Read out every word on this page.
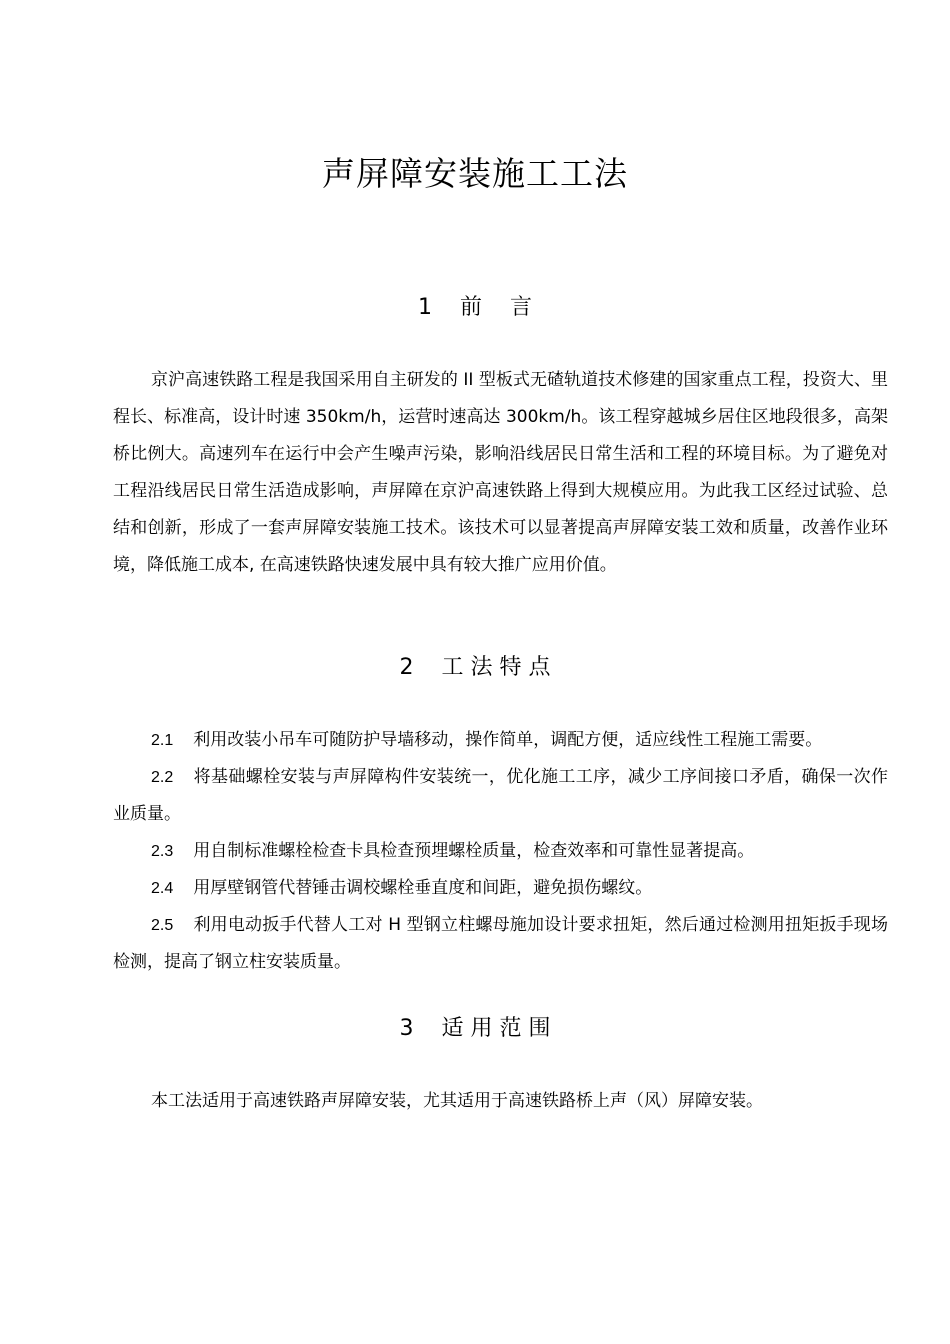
声屏障安装施工工法
1    前    言
京沪高速铁路工程是我国采用自主研发的 II 型板式无碴轨道技术修建的国家重点工程，投资大、里程长、标准高，设计时速 350km/h，运营时速高达 300km/h。该工程穿越城乡居住区地段很多，高架桥比例大。高速列车在运行中会产生噪声污染，影响沿线居民日常生活和工程的环境目标。为了避免对工程沿线居民日常生活造成影响，声屏障在京沪高速铁路上得到大规模应用。为此我工区经过试验、总结和创新，形成了一套声屏障安装施工技术。该技术可以显著提高声屏障安装工效和质量，改善作业环境，降低施工成本, 在高速铁路快速发展中具有较大推广应用价值。
2    工 法 特 点
2.1 利用改装小吊车可随防护导墙移动，操作简单，调配方便，适应线性工程施工需要。
2.2 将基础螺栓安装与声屏障构件安装统一，优化施工工序，减少工序间接口矛盾，确保一次作业质量。
2.3 用自制标准螺栓检查卡具检查预埋螺栓质量，检查效率和可靠性显著提高。
2.4 用厚壁钢管代替锤击调校螺栓垂直度和间距，避免损伤螺纹。
2.5 利用电动扳手代替人工对 H 型钢立柱螺母施加设计要求扭矩，然后通过检测用扭矩扳手现场检测，提高了钢立柱安装质量。
3    适 用 范 围
本工法适用于高速铁路声屏障安装，尤其适用于高速铁路桥上声（风）屏障安装。
